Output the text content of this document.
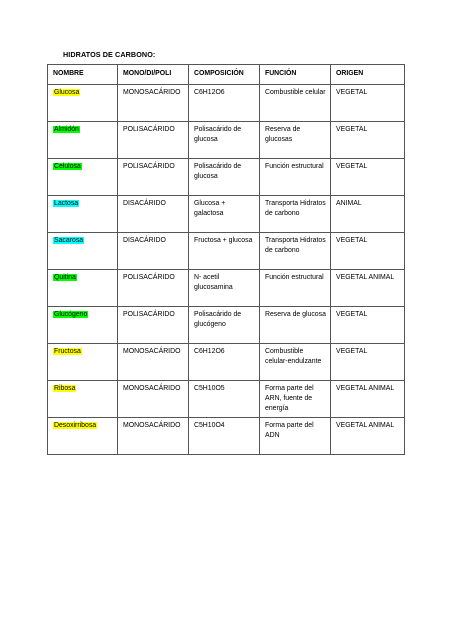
HIDRATOS DE CARBONO:
NOMBRE	MONO/DI/POLI	COMPOSICIÓN	FUNCIÓN	ORIGEN
Glucosa	MONOSACÁRIDO	C6H12O6	Combustible celular	VEGETAL
Almidón	POLISACÁRIDO	Polisacárido de glucosa	Reserva de glucosas	VEGETAL
Celulosa	POLISACÁRIDO	Polisacárido de glucosa	Función estructural	VEGETAL
Lactosa	DISACÁRIDO	Glucosa + galactosa	Transporta Hidratos de carbono	ANIMAL
Sacarosa	DISACÁRIDO	Fructosa + glucosa	Transporta Hidratos de carbono	VEGETAL
Quitina	POLISACÁRIDO	N- acetil glucosamina	Función estructural	VEGETAL ANIMAL
Glucógeno	POLISACÁRIDO	Polisacárido de glucógeno	Reserva de glucosa	VEGETAL
Fructosa	MONOSACÁRIDO	C6H12O6	Combustible celular-endulzante	VEGETAL
Ribosa	MONOSACÁRIDO	C5H10O5	Forma parte del ARN, fuente de energía	VEGETAL ANIMAL
Desoxirribosa	MONOSACÁRIDO	C5H10O4	Forma parte del ADN	VEGETAL ANIMAL
